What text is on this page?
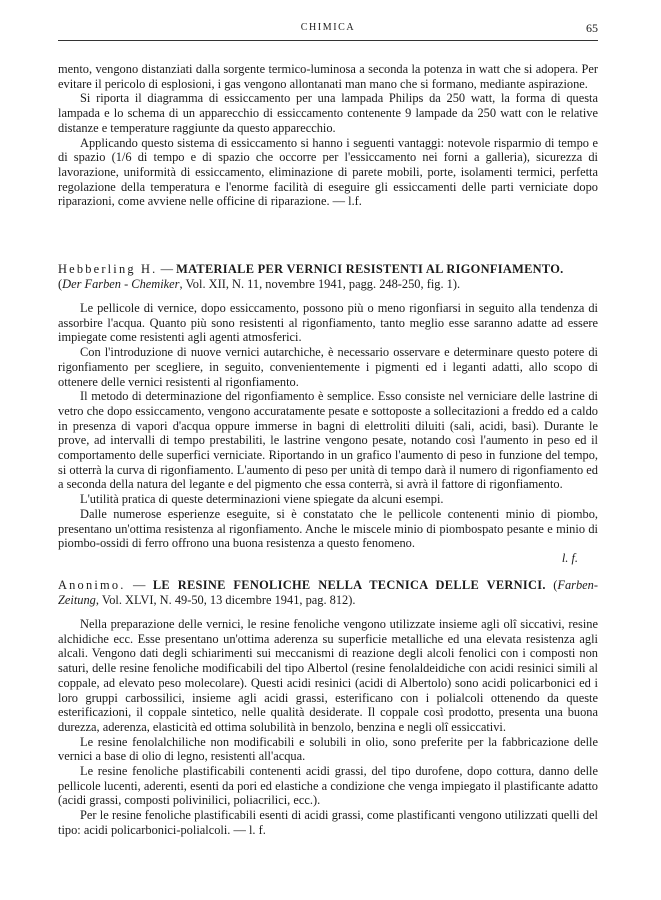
CHIMICA	65

mento, vengono distanziati dalla sorgente termico-luminosa a seconda la potenza in watt che si adopera. Per evitare il pericolo di esplosioni, i gas vengono allontanati man mano che si formano, mediante aspirazione.

Si riporta il diagramma di essiccamento per una lampada Philips da 250 watt, la forma di questa lampada e lo schema di un apparecchio di essiccamento contenente 9 lampade da 250 watt con le relative distanze e temperature raggiunte da questo apparecchio.

Applicando questo sistema di essiccamento si hanno i seguenti vantaggi: notevole risparmio di tempo e di spazio (1/6 di tempo e di spazio che occorre per l'essiccamento nei forni a galleria), sicurezza di lavorazione, uniformità di essiccamento, eliminazione di parete mobili, porte, isolamenti termici, perfetta regolazione della temperatura e l'enorme facilità di eseguire gli essiccamenti delle parti verniciate dopo riparazioni, come avviene nelle officine di riparazione. — l.f.

Hebberling H. — MATERIALE PER VERNICI RESISTENTI AL RIGONFIAMENTO.
(Der Farben - Chemiker, Vol. XII, N. 11, novembre 1941, pagg. 248-250, fig. 1).

Le pellicole di vernice, dopo essiccamento, possono più o meno rigonfiarsi in seguito alla tendenza di assorbire l'acqua. Quanto più sono resistenti al rigonfiamento, tanto meglio esse saranno adatte ad essere impiegate come resistenti agli agenti atmosferici.

Con l'introduzione di nuove vernici autarchiche, è necessario osservare e determinare questo potere di rigonfiamento per scegliere, in seguito, convenientemente i pigmenti ed i leganti adatti, allo scopo di ottenere delle vernici resistenti al rigonfiamento.

Il metodo di determinazione del rigonfiamento è semplice. Esso consiste nel verniciare delle lastrine di vetro che dopo essiccamento, vengono accuratamente pesate e sottoposte a sollecitazioni a freddo ed a caldo in presenza di vapori d'acqua oppure immerse in bagni di elettroliti diluiti (sali, acidi, basi). Durante le prove, ad intervalli di tempo prestabiliti, le lastrine vengono pesate, notando così l'aumento in peso ed il comportamento delle superfici verniciate. Riportando in un grafico l'aumento di peso in funzione del tempo, si otterrà la curva di rigonfiamento. L'aumento di peso per unità di tempo darà il numero di rigonfiamento ed a seconda della natura del legante e del pigmento che essa conterrà, si avrà il fattore di rigonfiamento.

L'utilità pratica di queste determinazioni viene spiegate da alcuni esempi.

Dalle numerose esperienze eseguite, si è constatato che le pellicole contenenti minio di piombo, presentano un'ottima resistenza al rigonfiamento. Anche le miscele minio di piombospato pesante e minio di piombo-ossidi di ferro offrono una buona resistenza a questo fenomeno.

l. f.
Anonimo. — LE RESINE FENOLICHE NELLA TECNICA DELLE VERNICI. (Farben-Zeitung, Vol. XLVI, N. 49-50, 13 dicembre 1941, pag. 812).

Nella preparazione delle vernici, le resine fenoliche vengono utilizzate insieme agli olî siccativi, resine alchidiche ecc. Esse presentano un'ottima aderenza su superficie metalliche ed una elevata resistenza agli alcali. Vengono dati degli schiarimenti sui meccanismi di reazione degli alcoli fenolici con i composti non saturi, delle resine fenoliche modificabili del tipo Albertol (resine fenolaldeidiche con acidi resinici simili al coppale, ad elevato peso molecolare). Questi acidi resinici (acidi di Albertolo) sono acidi policarbonici ed i loro gruppi carbossilici, insieme agli acidi grassi, esterificano con i polialcoli ottenendo da queste esterificazioni, il coppale sintetico, nelle qualità desiderate. Il coppale così prodotto, presenta una buona durezza, aderenza, elasticità ed ottima solubilità in benzolo, benzina e negli olî essiccativi.

Le resine fenolalchiliche non modificabili e solubili in olio, sono preferite per la fabbricazione delle vernici a base di olio di legno, resistenti all'acqua.

Le resine fenoliche plastificabili contenenti acidi grassi, del tipo durofene, dopo cottura, danno delle pellicole lucenti, aderenti, esenti da pori ed elastiche a condizione che venga impiegato il plastificante adatto (acidi grassi, composti polivinilici, poliacrilici, ecc.).

Per le resine fenoliche plastificabili esenti di acidi grassi, come plastificanti vengono utilizzati quelli del tipo: acidi policarbonici-polialcoli. — l. f.
